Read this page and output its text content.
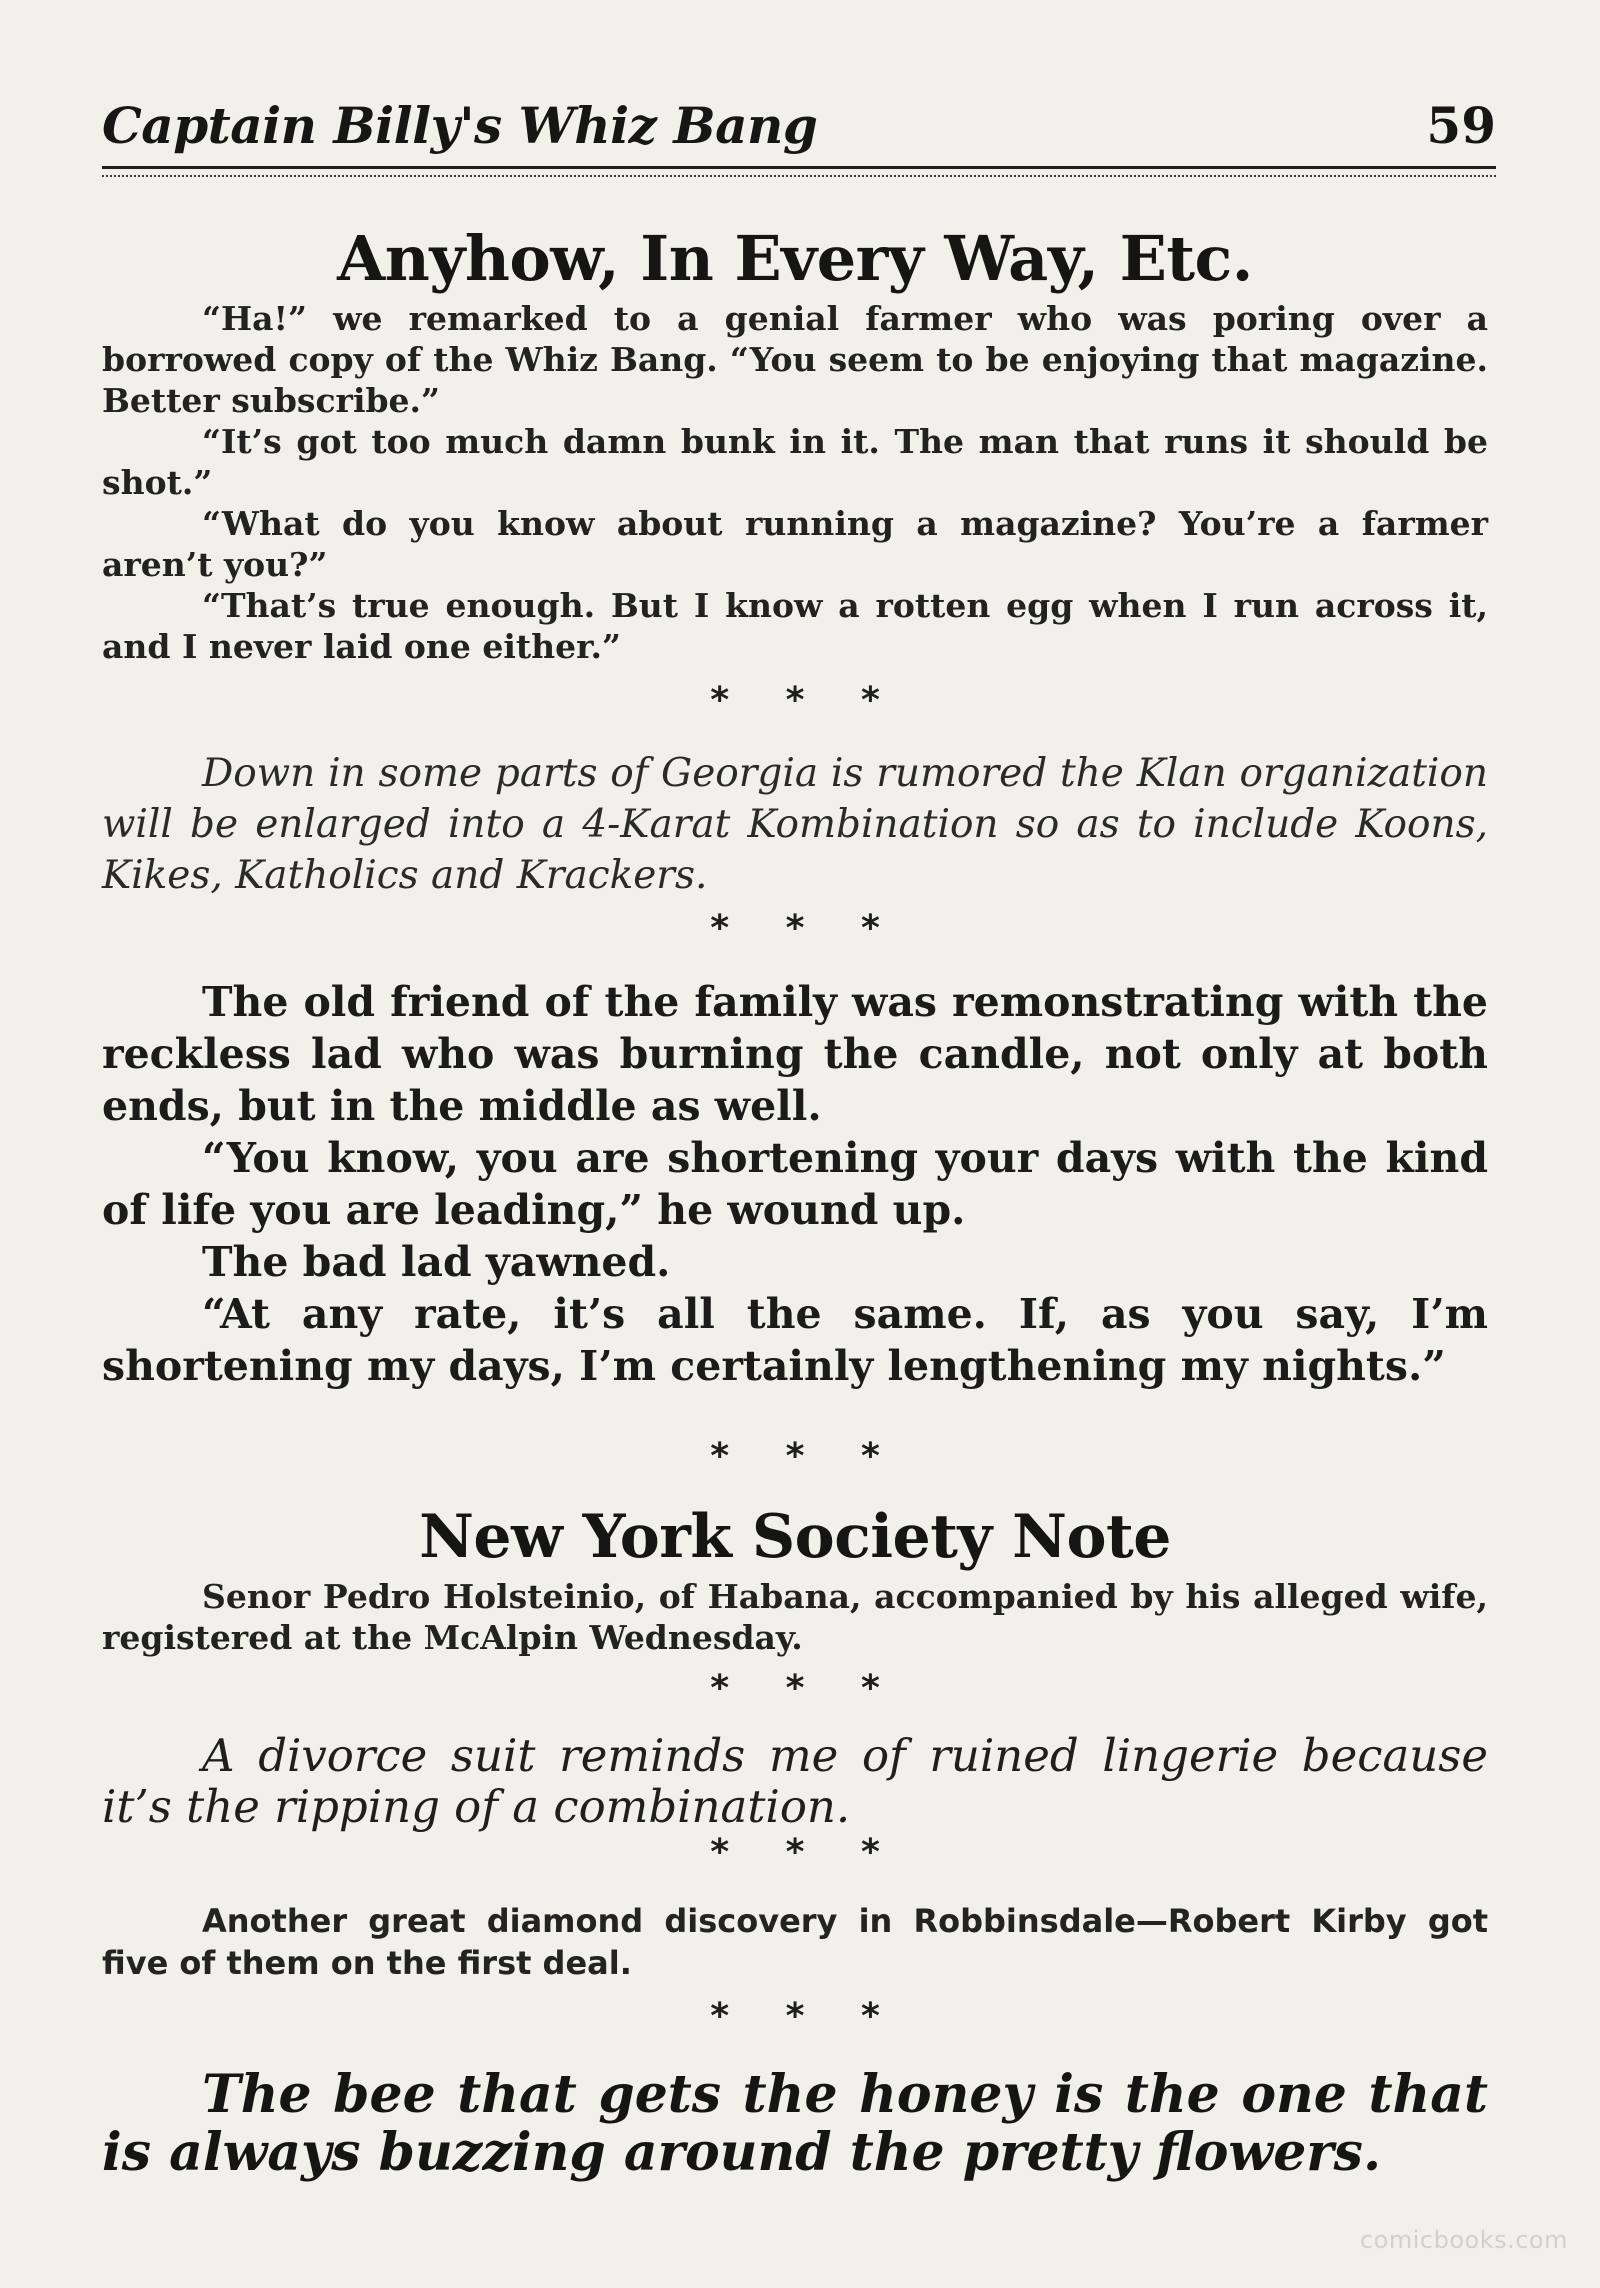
Captain Billy's Whiz Bang	59
Anyhow, In Every Way, Etc.

“Ha!” we remarked to a genial farmer who was poring over a borrowed copy of the Whiz Bang. “You seem to be enjoying that magazine. Better subscribe.”

“It’s got too much damn bunk in it. The man that runs it should be shot.”

“What do you know about running a magazine? You’re a farmer aren’t you?”

“That’s true enough. But I know a rotten egg when I run across it, and I never laid one either.”

* * *

Down in some parts of Georgia is rumored the Klan organization will be enlarged into a 4-Karat Kombination so as to include Koons, Kikes, Katholics and Krackers.

* * *

The old friend of the family was remonstrating with the reckless lad who was burning the candle, not only at both ends, but in the middle as well.

“You know, you are shortening your days with the kind of life you are leading,” he wound up.

The bad lad yawned.

“At any rate, it’s all the same. If, as you say, I’m shortening my days, I’m certainly lengthening my nights.”

* * *
New York Society Note

Senor Pedro Holsteinio, of Habana, accompanied by his alleged wife, registered at the McAlpin Wednesday.

* * *

A divorce suit reminds me of ruined lingerie because it’s the ripping of a combination.

* * *

Another great diamond discovery in Robbinsdale—Robert Kirby got five of them on the first deal.

* * *

The bee that gets the honey is the one that is always buzzing around the pretty flowers.

comicbooks.com
